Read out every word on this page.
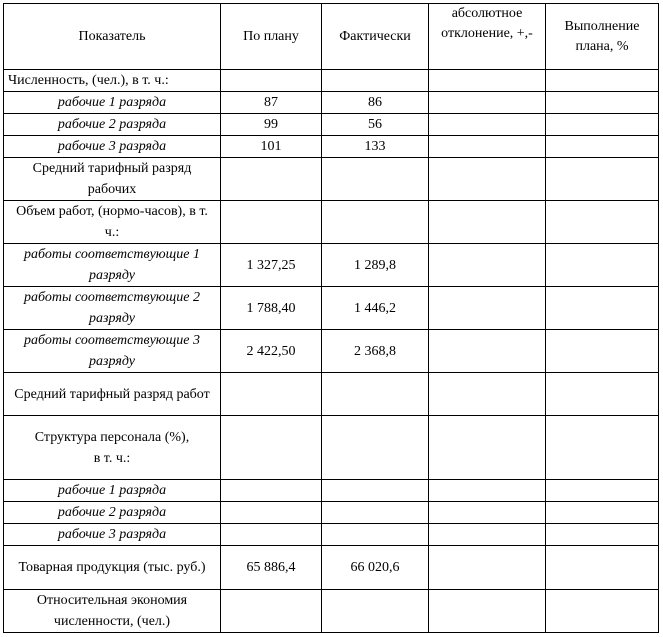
Показатель	По плану	Фактически	абсолютное отклонение, +,-	Выполнение плана, %
Численность, (чел.), в т. ч.:				
рабочие 1 разряда	87	86		
рабочие 2 разряда	99	56		
рабочие 3 разряда	101	133		
Средний тарифный разряд рабочих				
Объем работ, (нормо-часов), в т. ч.:				
работы соответствующие 1 разряду	1 327,25	1 289,8		
работы соответствующие 2 разряду	1 788,40	1 446,2		
работы соответствующие 3 разряду	2 422,50	2 368,8		
Средний тарифный разряд работ				
Структура персонала (%), в т. ч.:				
рабочие 1 разряда				
рабочие 2 разряда				
рабочие 3 разряда				
Товарная продукция (тыс. руб.)	65 886,4	66 020,6		
Относительная экономия численности, (чел.)				
